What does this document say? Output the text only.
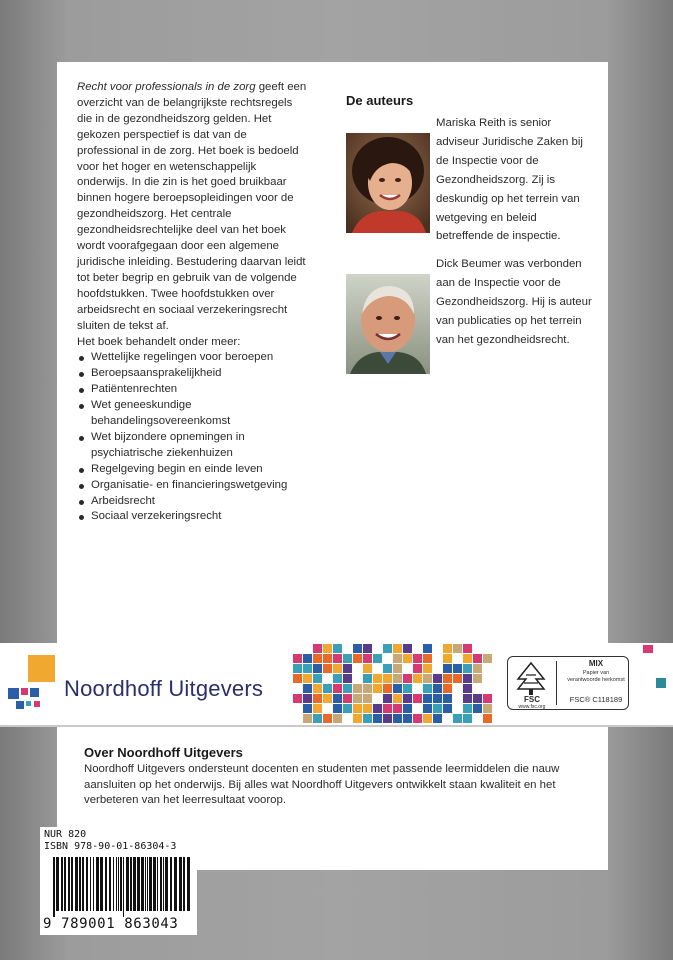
Recht voor professionals in de zorg geeft een overzicht van de belangrijkste rechtsregels die in de gezondheidszorg gelden. Het gekozen perspectief is dat van de professional in de zorg. Het boek is bedoeld voor het hoger en wetenschappelijk onderwijs. In die zin is het goed bruikbaar binnen hogere beroepsopleidingen voor de gezondheidszorg. Het centrale gezondheidsrechtelijke deel van het boek wordt voorafgegaan door een algemene juridische inleiding. Bestudering daarvan leidt tot beter begrip en gebruik van de volgende hoofdstukken. Twee hoofdstukken over arbeidsrecht en sociaal verzekeringsrecht sluiten de tekst af.

Het boek behandelt onder meer:

Wettelijke regelingen voor beroepen
Beroepsaansprakelijkheid
Patiëntenrechten
Wet geneeskundige behandelingsovereenkomst
Wet bijzondere opnemingen in psychiatrische ziekenhuizen
Regelgeving begin en einde leven
Organisatie- en financieringswetgeving
Arbeidsrecht
Sociaal verzekeringsrecht
De auteurs
Mariska Reith is senior adviseur Juridische Zaken bij de Inspectie voor de Gezondheidszorg. Zij is deskundig op het terrein van wetgeving en beleid betreffende de inspectie.
Dick Beumer was verbonden aan de Inspectie voor de Gezondheidszorg. Hij is auteur van publicaties op het terrein van het gezondheidsrecht.
Noordhoff Uitgevers	FSC
www.fsc.org
MIX
Papier van verantwoorde herkomst
FSC® C118189
Over Noordhoff Uitgevers
Noordhoff Uitgevers ondersteunt docenten en studenten met passende leermiddelen die nauw aansluiten op het onderwijs. Bij alles wat Noordhoff Uitgevers ontwikkelt staan kwaliteit en het verbeteren van het leerresultaat voorop.
NUR 820
ISBN 978-90-01-86304-3
9 789001 863043
